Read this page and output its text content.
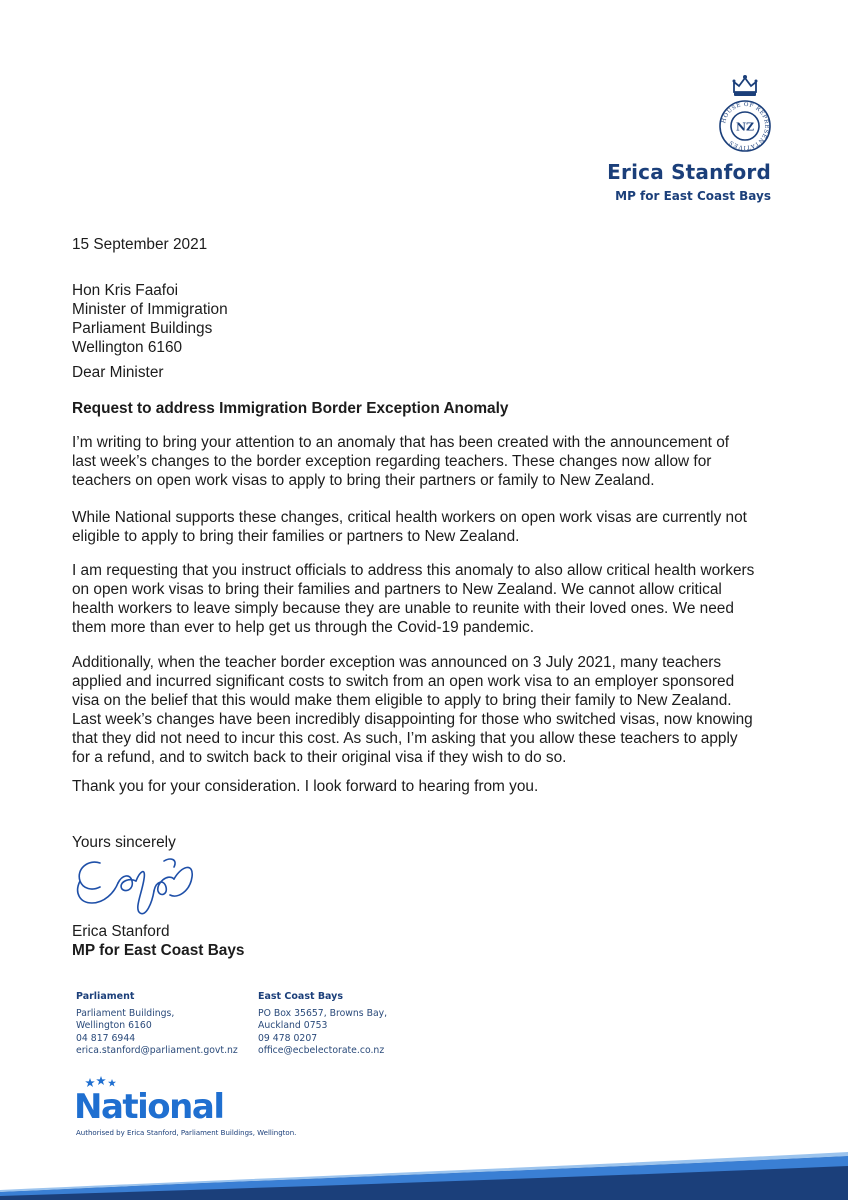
HOUSE OF REPRESENTATIVES
NZ
Erica Stanford
MP for East Coast Bays
15 September 2021

Hon Kris Faafoi

Minister of Immigration

Parliament Buildings

Wellington 6160

Dear Minister
Request to address Immigration Border Exception Anomaly

I’m writing to bring your attention to an anomaly that has been created with the announcement of

last week’s changes to the border exception regarding teachers. These changes now allow for

teachers on open work visas to apply to bring their partners or family to New Zealand.

While National supports these changes, critical health workers on open work visas are currently not

eligible to apply to bring their families or partners to New Zealand.

I am requesting that you instruct officials to address this anomaly to also allow critical health workers

on open work visas to bring their families and partners to New Zealand. We cannot allow critical

health workers to leave simply because they are unable to reunite with their loved ones. We need

them more than ever to help get us through the Covid-19 pandemic.

Additionally, when the teacher border exception was announced on 3 July 2021, many teachers

applied and incurred significant costs to switch from an open work visa to an employer sponsored

visa on the belief that this would make them eligible to apply to bring their family to New Zealand.

Last week’s changes have been incredibly disappointing for those who switched visas, now knowing

that they did not need to incur this cost. As such, I’m asking that you allow these teachers to apply

for a refund, and to switch back to their original visa if they wish to do so.

Thank you for your consideration. I look forward to hearing from you.

Yours sincerely
Erica Stanford
MP for East Coast Bays
Parliament
Parliament Buildings,
Wellington 6160
04 817 6944
erica.stanford@parliament.govt.nz
East Coast Bays
PO Box 35657, Browns Bay,
Auckland 0753
09 478 0207
office@ecbelectorate.co.nz
National
Authorised by Erica Stanford, Parliament Buildings, Wellington.
